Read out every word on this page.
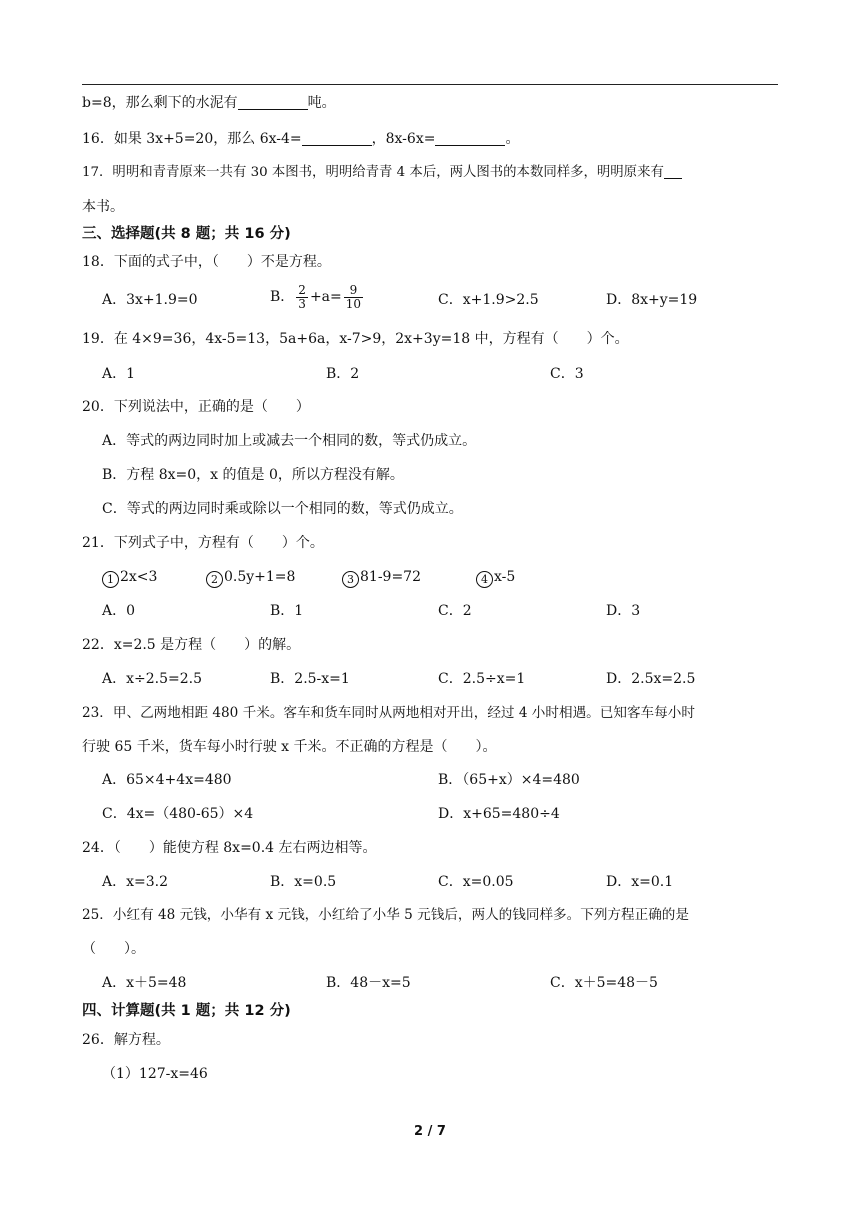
b=8，那么剩下的水泥有	吨。
16．如果 3x+5=20，那么 6x-4=	，8x-6x=	。
17．明明和青青原来一共有 30 本图书，明明给青青 4 本后，两人图书的本数同样多，明明原来有
本书。
三、选择题(共 8 题；共 16 分)
18．下面的式子中，（　　）不是方程。
A．3x+1.9=0	B． $\frac{2}{3} +a= \frac{9}{10}$	C．x+1.9>2.5	D．8x+y=19
19．在 4×9=36，4x-5=13，5a+6a，x-7>9，2x+3y=18 中，方程有（　　）个。
A．1	B．2	C．3
20．下列说法中，正确的是（　　）
A．等式的两边同时加上或减去一个相同的数，等式仍成立。
B．方程 8x=0，x 的值是 0，所以方程没有解。
C．等式的两边同时乘或除以一个相同的数，等式仍成立。
21．下列式子中，方程有（　　）个。
1 2x<3	2 0.5y+1=8	3 81-9=72	4 x-5
A．0	B．1	C．2	D．3
22．x=2.5 是方程（　　）的解。
A．x÷2.5=2.5	B．2.5-x=1	C．2.5÷x=1	D．2.5x=2.5
23．甲、乙两地相距 480 千米。客车和货车同时从两地相对开出，经过 4 小时相遇。已知客车每小时
行驶 65 千米，货车每小时行驶 x 千米。不正确的方程是（　　）。
A．65×4+4x=480	B．（65+x）×4=480
C．4x=（480-65）×4	D．x+65=480÷4
24．（　　）能使方程 8x=0.4 左右两边相等。
A．x=3.2	B．x=0.5	C．x=0.05	D．x=0.1
25．小红有 48 元钱，小华有 x 元钱，小红给了小华 5 元钱后，两人的钱同样多。下列方程正确的是
（　　）。
A．x＋5=48	B．48－x=5	C．x＋5=48－5
四、计算题(共 1 题；共 12 分)
26．解方程。
（1）127-x=46
2 / 7
